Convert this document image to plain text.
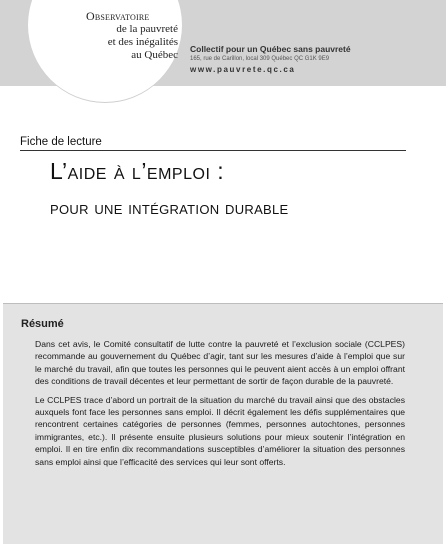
Observatoire
de la pauvreté
et des inégalités
au Québec Collectif pour un Québec sans pauvreté
165, rue de Carillon, local 309 Québec QC G1K 9E9
www.pauvrete.qc.ca
Fiche de lecture
L’aide à l’emploi :
pour une intégration durable
Résumé

Dans cet avis, le Comité consultatif de lutte contre la pauvreté et l’exclusion sociale (CCLPES) recommande au gouvernement du Québec d’agir, tant sur les mesures d’aide à l’emploi que sur le marché du travail, afin que toutes les personnes qui le peuvent aient accès à un emploi offrant des conditions de travail décentes et leur permettant de sortir de façon durable de la pauvreté.

Le CCLPES trace d’abord un portrait de la situation du marché du travail ainsi que des obstacles auxquels font face les personnes sans emploi. Il décrit également les défis supplémentaires que rencontrent certaines catégories de personnes (femmes, personnes autochtones, personnes immigrantes, etc.). Il présente ensuite plusieurs solutions pour mieux soutenir l’intégration en emploi. Il en tire enfin dix recommandations susceptibles d’améliorer la situation des personnes sans emploi ainsi que l’efficacité des services qui leur sont offerts.
